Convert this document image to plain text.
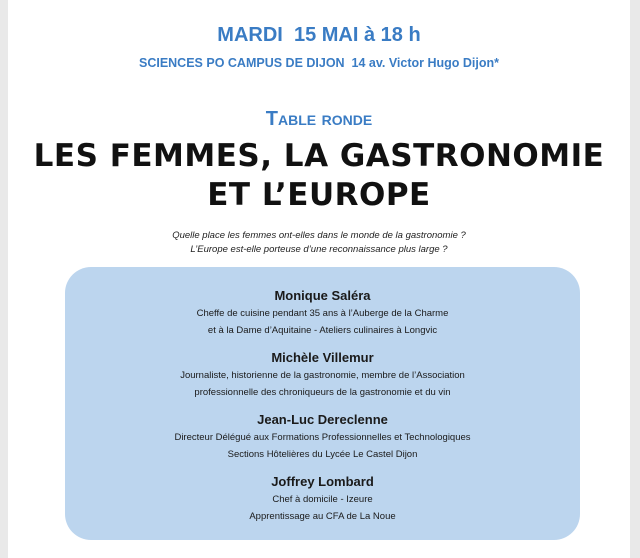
MARDI  15 MAI à 18 h
SCIENCES PO CAMPUS DE DIJON  14 av. Victor Hugo Dijon*
Table ronde
LES FEMMES, LA GASTRONOMIE
ET L’EUROPE
Quelle place les femmes ont-elles dans le monde de la gastronomie ?
L’Europe est-elle porteuse d’une reconnaissance plus large ?
Monique Saléra
Cheffe de cuisine pendant 35 ans à l’Auberge de la Charme
et à la Dame d’Aquitaine - Ateliers culinaires à Longvic
Michèle Villemur
Journaliste, historienne de la gastronomie, membre de l’Association
professionnelle des chroniqueurs de la gastronomie et du vin
Jean-Luc Dereclenne
Directeur Délégué aux Formations Professionnelles et Technologiques
Sections Hôtelières du Lycée Le Castel Dijon
Joffrey Lombard
Chef à domicile - Izeure
Apprentissage au CFA de La Noue
